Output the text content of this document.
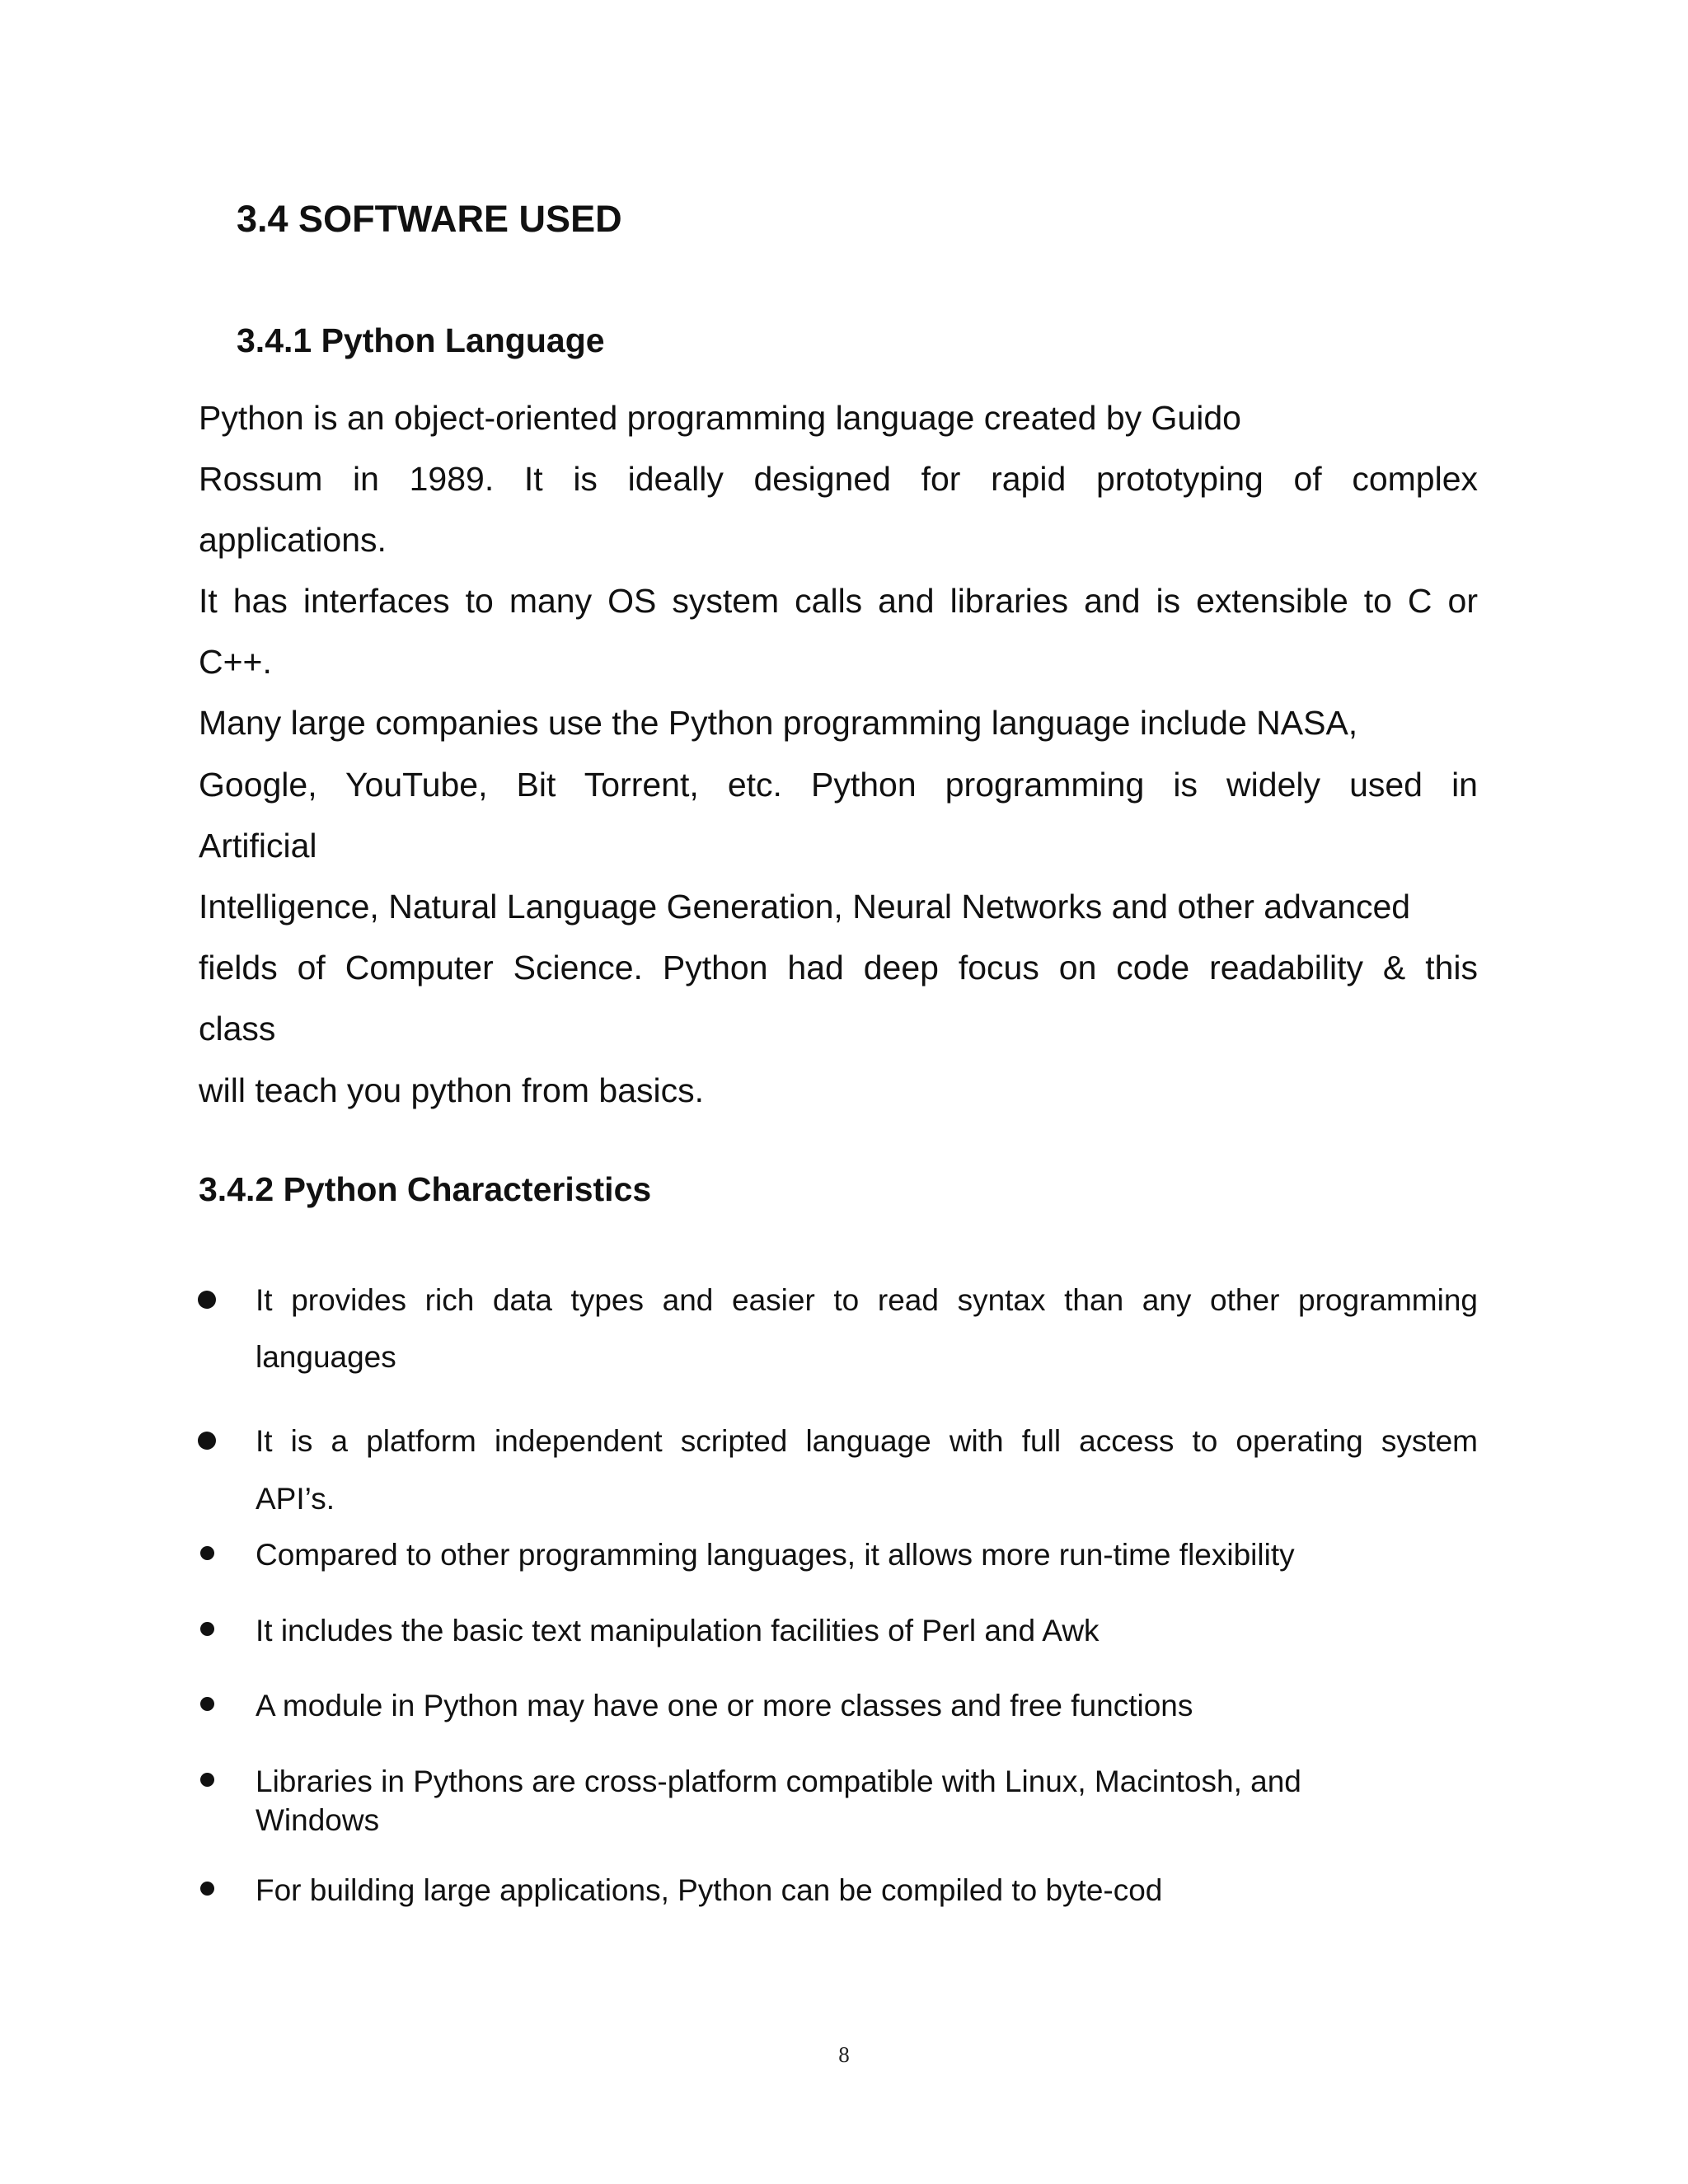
3.4 SOFTWARE USED
3.4.1 Python Language
Python is an object-oriented programming language created by Guido
Rossum in 1989. It is ideally designed for rapid prototyping of complex
applications.
It has interfaces to many OS system calls and libraries and is extensible to C or
C++.
Many large companies use the Python programming language include NASA,
Google, YouTube, Bit Torrent, etc. Python programming is widely used in
Artificial
Intelligence, Natural Language Generation, Neural Networks and other advanced
fields of Computer Science. Python had deep focus on code readability & this
class
will teach you python from basics.
3.4.2 Python Characteristics
It provides rich data types and easier to read syntax than any other programming
languages
It is a platform independent scripted language with full access to operating system
API’s.
Compared to other programming languages, it allows more run-time flexibility
It includes the basic text manipulation facilities of Perl and Awk
A module in Python may have one or more classes and free functions
Libraries in Pythons are cross-platform compatible with Linux, Macintosh, and
Windows
For building large applications, Python can be compiled to byte-cod
8
